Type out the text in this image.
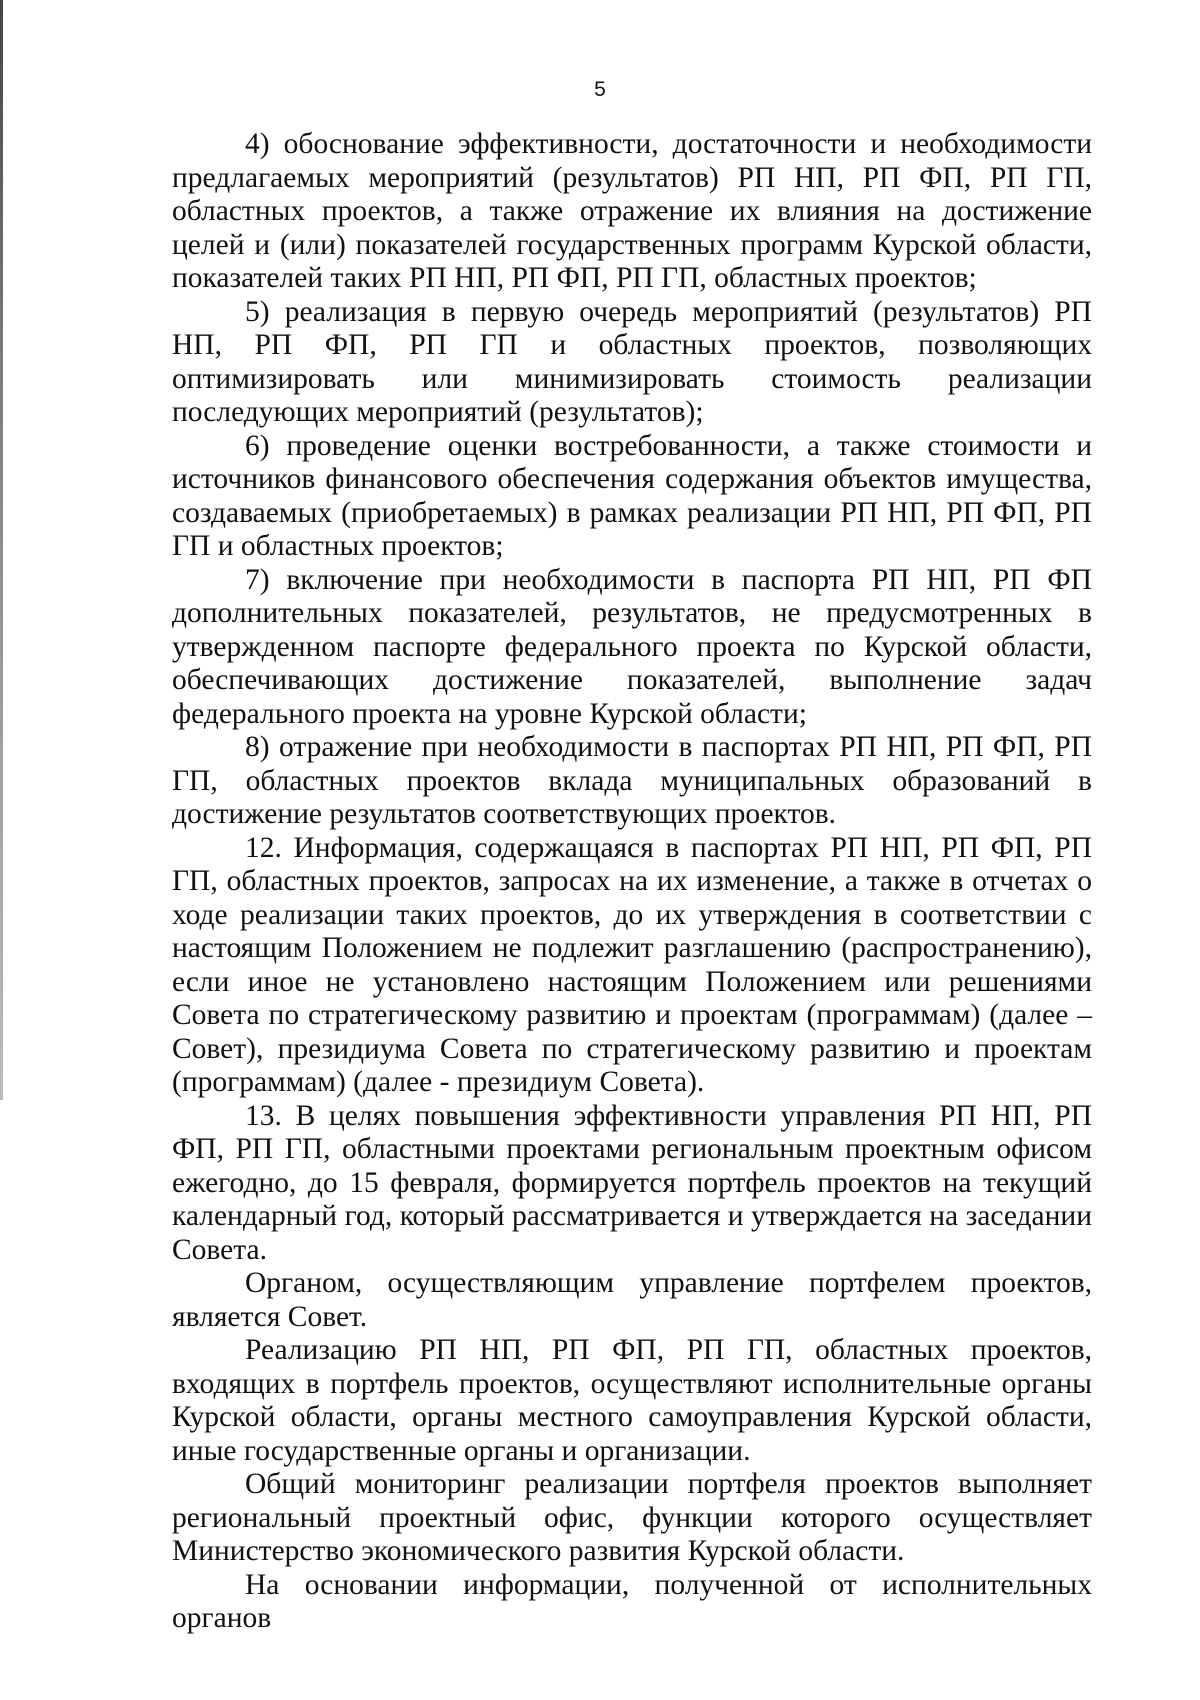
5

4) обоснование эффективности, достаточности и необходимости предлагаемых мероприятий (результатов) РП НП, РП ФП, РП ГП, областных проектов, а также отражение их влияния на достижение целей и (или) показателей государственных программ Курской области, показателей таких РП НП, РП ФП, РП ГП, областных проектов;

5) реализация в первую очередь мероприятий (результатов) РП НП, РП ФП, РП ГП и областных проектов, позволяющих оптимизировать или минимизировать стоимость реализации последующих мероприятий (результатов);

6) проведение оценки востребованности, а также стоимости и источников финансового обеспечения содержания объектов имущества, создаваемых (приобретаемых) в рамках реализации РП НП, РП ФП, РП ГП и областных проектов;

7) включение при необходимости в паспорта РП НП, РП ФП дополнительных показателей, результатов, не предусмотренных в утвержденном паспорте федерального проекта по Курской области, обеспечивающих достижение показателей, выполнение задач федерального проекта на уровне Курской области;

8) отражение при необходимости в паспортах РП НП, РП ФП, РП ГП, областных проектов вклада муниципальных образований в достижение результатов соответствующих проектов.

12. Информация, содержащаяся в паспортах РП НП, РП ФП, РП ГП, областных проектов, запросах на их изменение, а также в отчетах о ходе реализации таких проектов, до их утверждения в соответствии с настоящим Положением не подлежит разглашению (распространению), если иное не установлено настоящим Положением или решениями Совета по стратегическому развитию и проектам (программам) (далее – Совет), президиума Совета по стратегическому развитию и проектам (программам) (далее - президиум Совета).

13. В целях повышения эффективности управления РП НП, РП ФП, РП ГП, областными проектами региональным проектным офисом ежегодно, до 15 февраля, формируется портфель проектов на текущий календарный год, который рассматривается и утверждается на заседании Совета.

Органом, осуществляющим управление портфелем проектов, является Совет.

Реализацию РП НП, РП ФП, РП ГП, областных проектов, входящих в портфель проектов, осуществляют исполнительные органы Курской области, органы местного самоуправления Курской области, иные государственные органы и организации.

Общий мониторинг реализации портфеля проектов выполняет региональный проектный офис, функции которого осуществляет Министерство экономического развития Курской области.

На основании информации, полученной от исполнительных органов
